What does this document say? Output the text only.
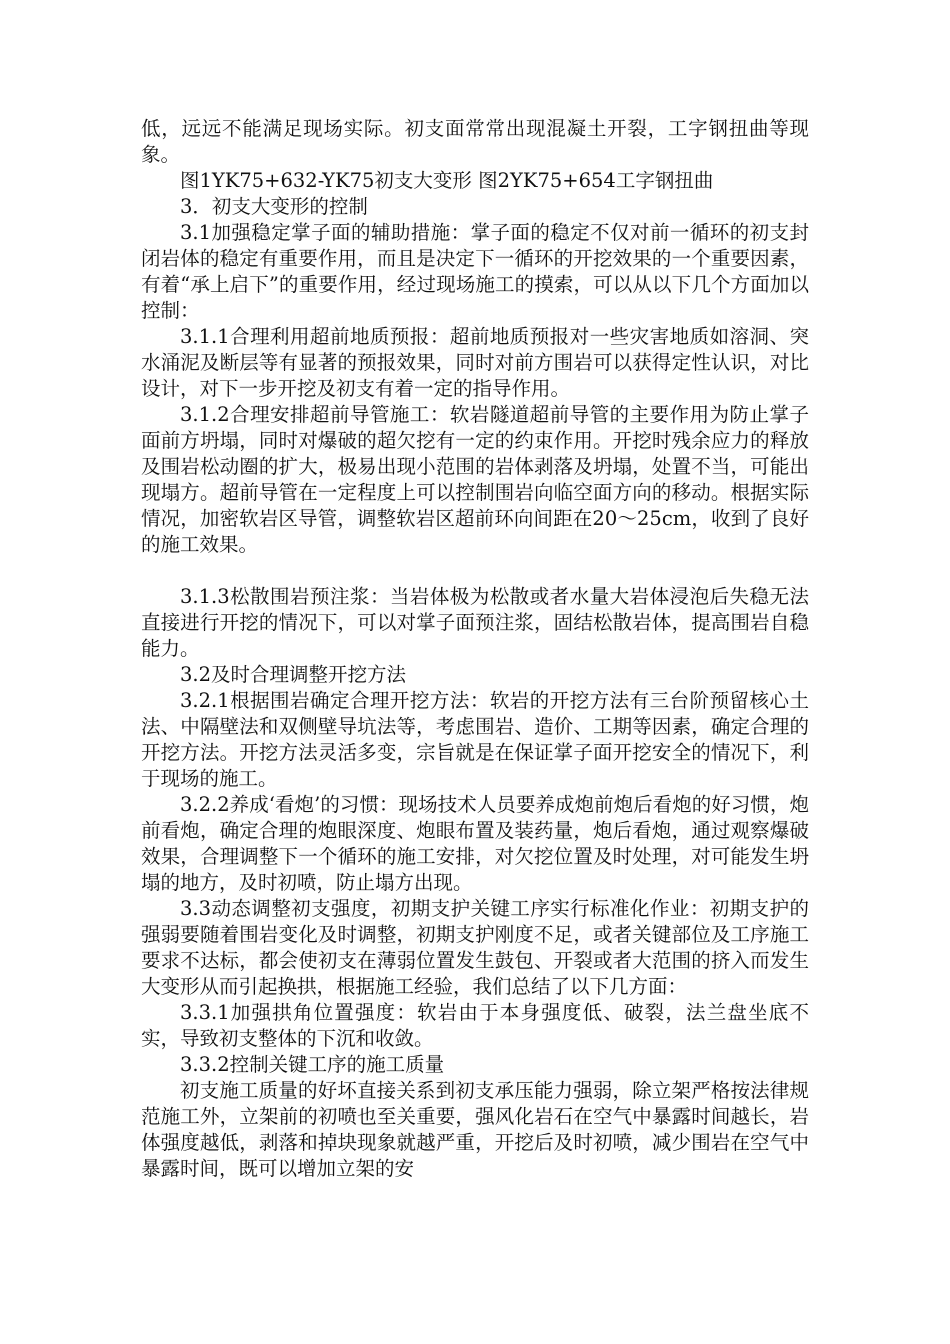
低，远远不能满足现场实际。初支面常常出现混凝土开裂，工字钢扭曲等现象。

图1YK75+632-YK75初支大变形 图2YK75+654工字钢扭曲

3．初支大变形的控制

3.1加强稳定掌子面的辅助措施：掌子面的稳定不仅对前一循环的初支封闭岩体的稳定有重要作用，而且是决定下一循环的开挖效果的一个重要因素，有着“承上启下”的重要作用，经过现场施工的摸索，可以从以下几个方面加以控制：

3.1.1合理利用超前地质预报：超前地质预报对一些灾害地质如溶洞、突水涌泥及断层等有显著的预报效果，同时对前方围岩可以获得定性认识，对比设计，对下一步开挖及初支有着一定的指导作用。

3.1.2合理安排超前导管施工：软岩隧道超前导管的主要作用为防止掌子面前方坍塌，同时对爆破的超欠挖有一定的约束作用。开挖时残余应力的释放及围岩松动圈的扩大，极易出现小范围的岩体剥落及坍塌，处置不当，可能出现塌方。超前导管在一定程度上可以控制围岩向临空面方向的移动。根据实际情况，加密软岩区导管，调整软岩区超前环向间距在20～25cm，收到了良好的施工效果。

3.1.3松散围岩预注浆：当岩体极为松散或者水量大岩体浸泡后失稳无法直接进行开挖的情况下，可以对掌子面预注浆，固结松散岩体，提高围岩自稳能力。

3.2及时合理调整开挖方法

3.2.1根据围岩确定合理开挖方法：软岩的开挖方法有三台阶预留核心土法、中隔壁法和双侧壁导坑法等，考虑围岩、造价、工期等因素，确定合理的开挖方法。开挖方法灵活多变，宗旨就是在保证掌子面开挖安全的情况下，利于现场的施工。

3.2.2养成‘看炮’的习惯：现场技术人员要养成炮前炮后看炮的好习惯，炮前看炮，确定合理的炮眼深度、炮眼布置及装药量，炮后看炮，通过观察爆破效果，合理调整下一个循环的施工安排，对欠挖位置及时处理，对可能发生坍塌的地方，及时初喷，防止塌方出现。

3.3动态调整初支强度，初期支护关键工序实行标准化作业：初期支护的强弱要随着围岩变化及时调整，初期支护刚度不足，或者关键部位及工序施工要求不达标，都会使初支在薄弱位置发生鼓包、开裂或者大范围的挤入而发生大变形从而引起换拱，根据施工经验，我们总结了以下几方面：

3.3.1加强拱角位置强度：软岩由于本身强度低、破裂，法兰盘坐底不实，导致初支整体的下沉和收敛。

3.3.2控制关键工序的施工质量

初支施工质量的好坏直接关系到初支承压能力强弱，除立架严格按法律规范施工外，立架前的初喷也至关重要，强风化岩石在空气中暴露时间越长，岩体强度越低，剥落和掉块现象就越严重，开挖后及时初喷，减少围岩在空气中暴露时间，既可以增加立架的安
